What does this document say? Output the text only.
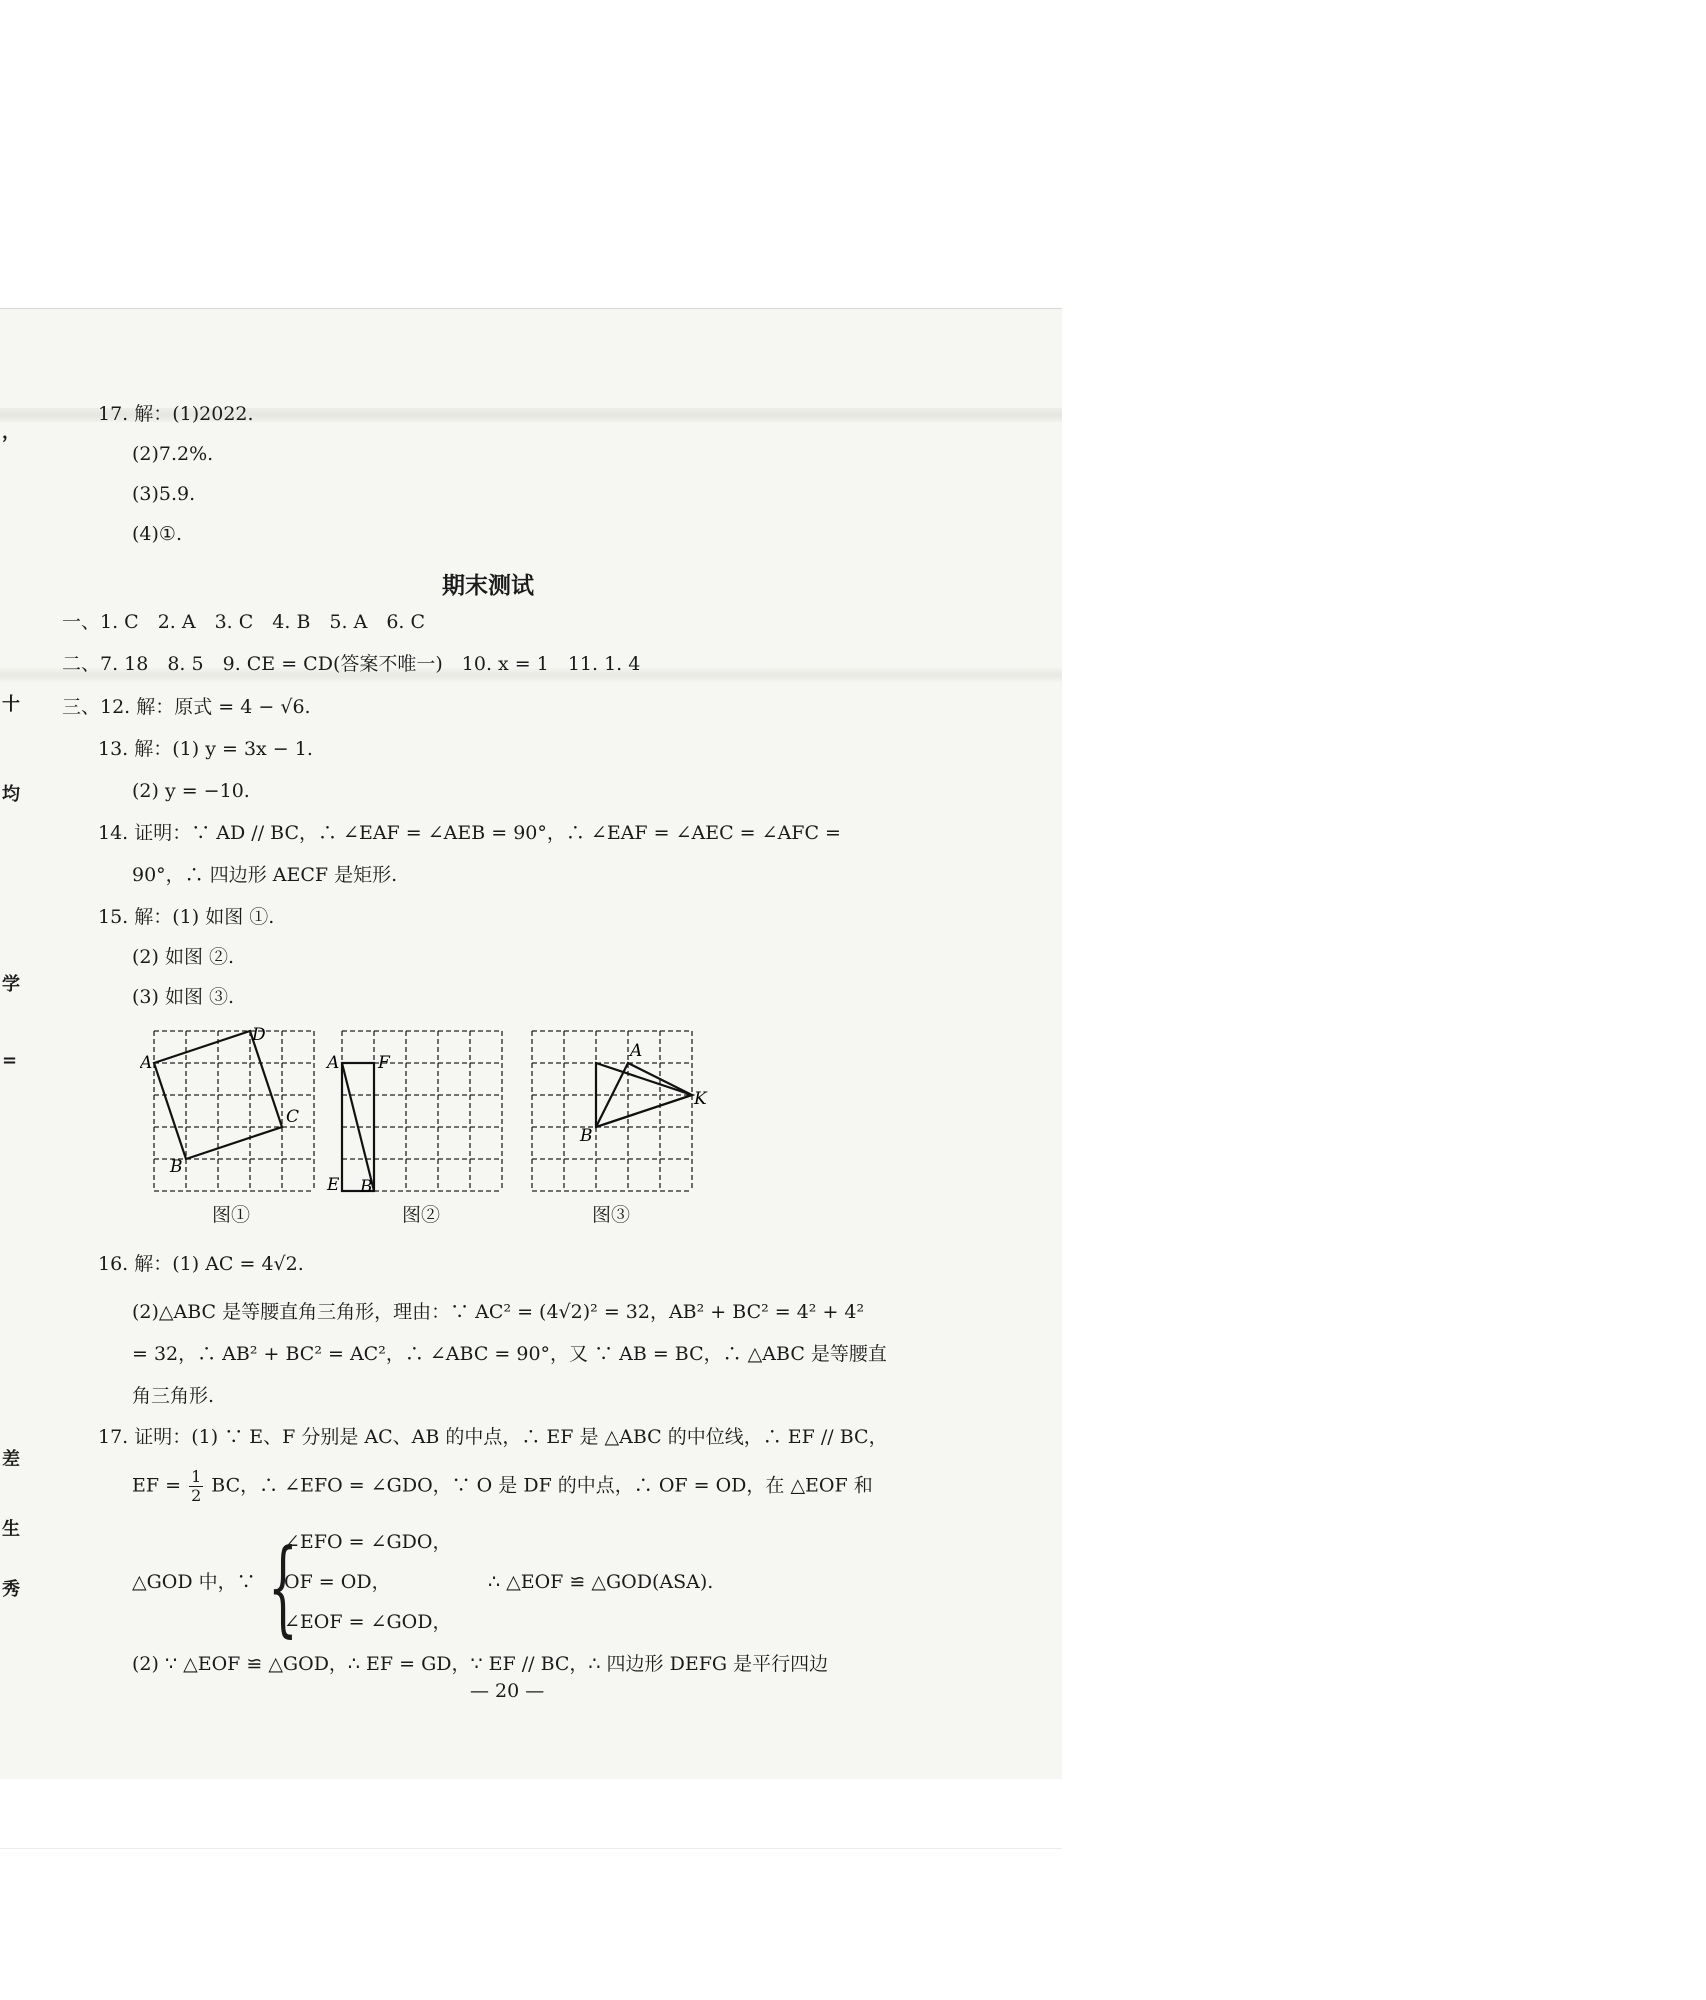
，
十
均
学
=
差
生
秀
17. 解：(1)2022.
(2)7.2%.
(3)5.9.
(4)①.
期末测试
一、1. C　2. A　3. C　4. B　5. A　6. C
二、7. 18　8. 5　9. CE = CD(答案不唯一)　10. x = 1　11. 1. 4
三、12. 解：原式 = 4 − √6.
13. 解：(1) y = 3x − 1.
(2) y = −10.
14. 证明：∵ AD // BC，∴ ∠EAF = ∠AEB = 90°，∴ ∠EAF = ∠AEC = ∠AFC =
90°，∴ 四边形 AECF 是矩形.
15. 解：(1) 如图 ①.
(2) 如图 ②.
(3) 如图 ③.
A
D
C
B
图①
A F
E B
图②
A
K
B
图③
16. 解：(1) AC = 4√2.
(2)△ABC 是等腰直角三角形，理由：∵ AC² = (4√2)² = 32，AB² + BC² = 4² + 4²
= 32，∴ AB² + BC² = AC²，∴ ∠ABC = 90°，又 ∵ AB = BC，∴ △ABC 是等腰直
角三角形.
17. 证明：(1) ∵ E、F 分别是 AC、AB 的中点，∴ EF 是 △ABC 的中位线，∴ EF // BC，
EF = $\frac{1}{2}$ BC，∴ ∠EFO = ∠GDO，∵ O 是 DF 的中点，∴ OF = OD，在 △EOF 和
△GOD 中，∵ {
∠EFO = ∠GDO，
OF = OD，
∠EOF = ∠GOD，
∴ △EOF ≌ △GOD(ASA).
(2) ∵ △EOF ≌ △GOD，∴ EF = GD，∵ EF // BC，∴ 四边形 DEFG 是平行四边
— 20 —
